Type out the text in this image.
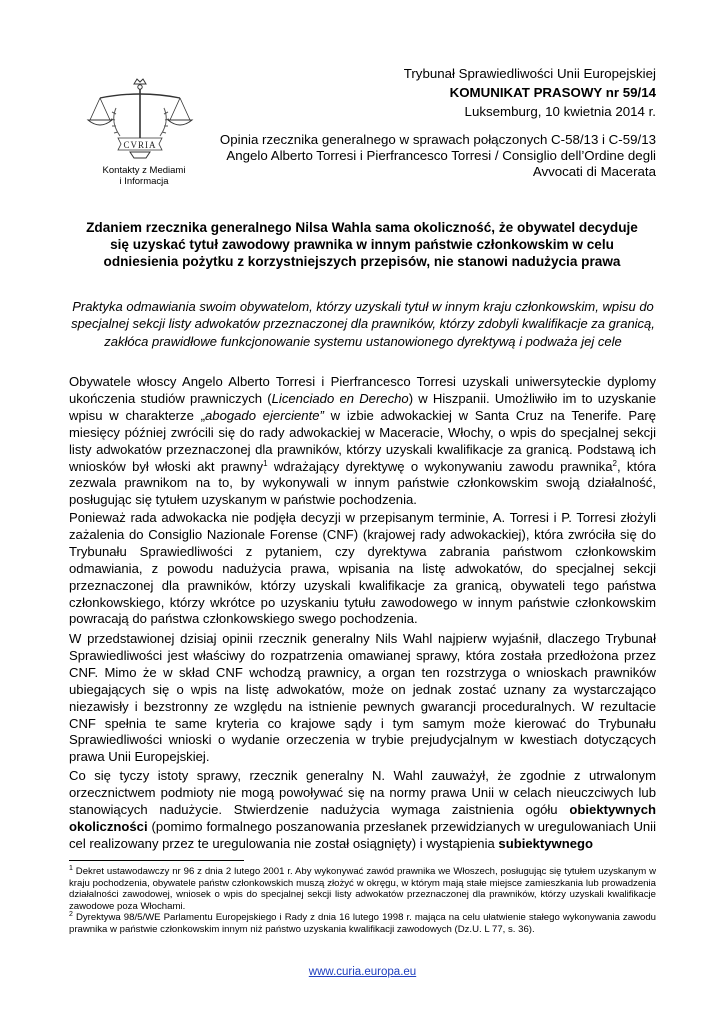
CVRIA
Kontakty z Mediami
i Informacja
Trybunał Sprawiedliwości Unii Europejskiej
KOMUNIKAT PRASOWY nr 59/14
Luksemburg, 10 kwietnia 2014 r.
Opinia rzecznika generalnego w sprawach połączonych C-58/13 i C-59/13
Angelo Alberto Torresi i Pierfrancesco Torresi / Consiglio dell’Ordine degli
Avvocati di Macerata
Zdaniem rzecznika generalnego Nilsa Wahla sama okoliczność, że obywatel decyduje się uzyskać tytuł zawodowy prawnika w innym państwie członkowskim w celu odniesienia pożytku z korzystniejszych przepisów, nie stanowi nadużycia prawa
Praktyka odmawiania swoim obywatelom, którzy uzyskali tytuł w innym kraju członkowskim, wpisu do specjalnej sekcji listy adwokatów przeznaczonej dla prawników, którzy zdobyli kwalifikacje za granicą, zakłóca prawidłowe funkcjonowanie systemu ustanowionego dyrektywą i podważa jej cele
Obywatele włoscy Angelo Alberto Torresi i Pierfrancesco Torresi uzyskali uniwersyteckie dyplomy ukończenia studiów prawniczych (Licenciado en Derecho) w Hiszpanii. Umożliwiło im to uzyskanie wpisu w charakterze „abogado ejerciente” w izbie adwokackiej w Santa Cruz na Tenerife. Parę miesięcy później zwrócili się do rady adwokackiej w Maceracie, Włochy, o wpis do specjalnej sekcji listy adwokatów przeznaczonej dla prawników, którzy uzyskali kwalifikacje za granicą. Podstawą ich wniosków był włoski akt prawny$^1$ wdrażający dyrektywę o wykonywaniu zawodu prawnika$^2$, która zezwala prawnikom na to, by wykonywali w innym państwie członkowskim swoją działalność, posługując się tytułem uzyskanym w państwie pochodzenia.
Ponieważ rada adwokacka nie podjęła decyzji w przepisanym terminie, A. Torresi i P. Torresi złożyli zażalenia do Consiglio Nazionale Forense (CNF) (krajowej rady adwokackiej), która zwróciła się do Trybunału Sprawiedliwości z pytaniem, czy dyrektywa zabrania państwom członkowskim odmawiania, z powodu nadużycia prawa, wpisania na listę adwokatów, do specjalnej sekcji przeznaczonej dla prawników, którzy uzyskali kwalifikacje za granicą, obywateli tego państwa członkowskiego, którzy wkrótce po uzyskaniu tytułu zawodowego w innym państwie członkowskim powracają do państwa członkowskiego swego pochodzenia.
W przedstawionej dzisiaj opinii rzecznik generalny Nils Wahl najpierw wyjaśnił, dlaczego Trybunał Sprawiedliwości jest właściwy do rozpatrzenia omawianej sprawy, która została przedłożona przez CNF. Mimo że w skład CNF wchodzą prawnicy, a organ ten rozstrzyga o wnioskach prawników ubiegających się o wpis na listę adwokatów, może on jednak zostać uznany za wystarczająco niezawisły i bezstronny ze względu na istnienie pewnych gwarancji proceduralnych. W rezultacie CNF spełnia te same kryteria co krajowe sądy i tym samym może kierować do Trybunału Sprawiedliwości wnioski o wydanie orzeczenia w trybie prejudycjalnym w kwestiach dotyczących prawa Unii Europejskiej.
Co się tyczy istoty sprawy, rzecznik generalny N. Wahl zauważył, że zgodnie z utrwalonym orzecznictwem podmioty nie mogą powoływać się na normy prawa Unii w celach nieuczciwych lub stanowiących nadużycie. Stwierdzenie nadużycia wymaga zaistnienia ogółu obiektywnych okoliczności (pomimo formalnego poszanowania przesłanek przewidzianych w uregulowaniach Unii cel realizowany przez te uregulowania nie został osiągnięty) i wystąpienia subiektywnego
$^1$ Dekret ustawodawczy nr 96 z dnia 2 lutego 2001 r. Aby wykonywać zawód prawnika we Włoszech, posługując się tytułem uzyskanym w kraju pochodzenia, obywatele państw członkowskich muszą złożyć w okręgu, w którym mają stałe miejsce zamieszkania lub prowadzenia działalności zawodowej, wniosek o wpis do specjalnej sekcji listy adwokatów przeznaczonej dla prawników, którzy uzyskali kwalifikacje zawodowe poza Włochami.
$^2$ Dyrektywa 98/5/WE Parlamentu Europejskiego i Rady z dnia 16 lutego 1998 r. mająca na celu ułatwienie stałego wykonywania zawodu prawnika w państwie członkowskim innym niż państwo uzyskania kwalifikacji zawodowych (Dz.U. L 77, s. 36).
www.curia.europa.eu
